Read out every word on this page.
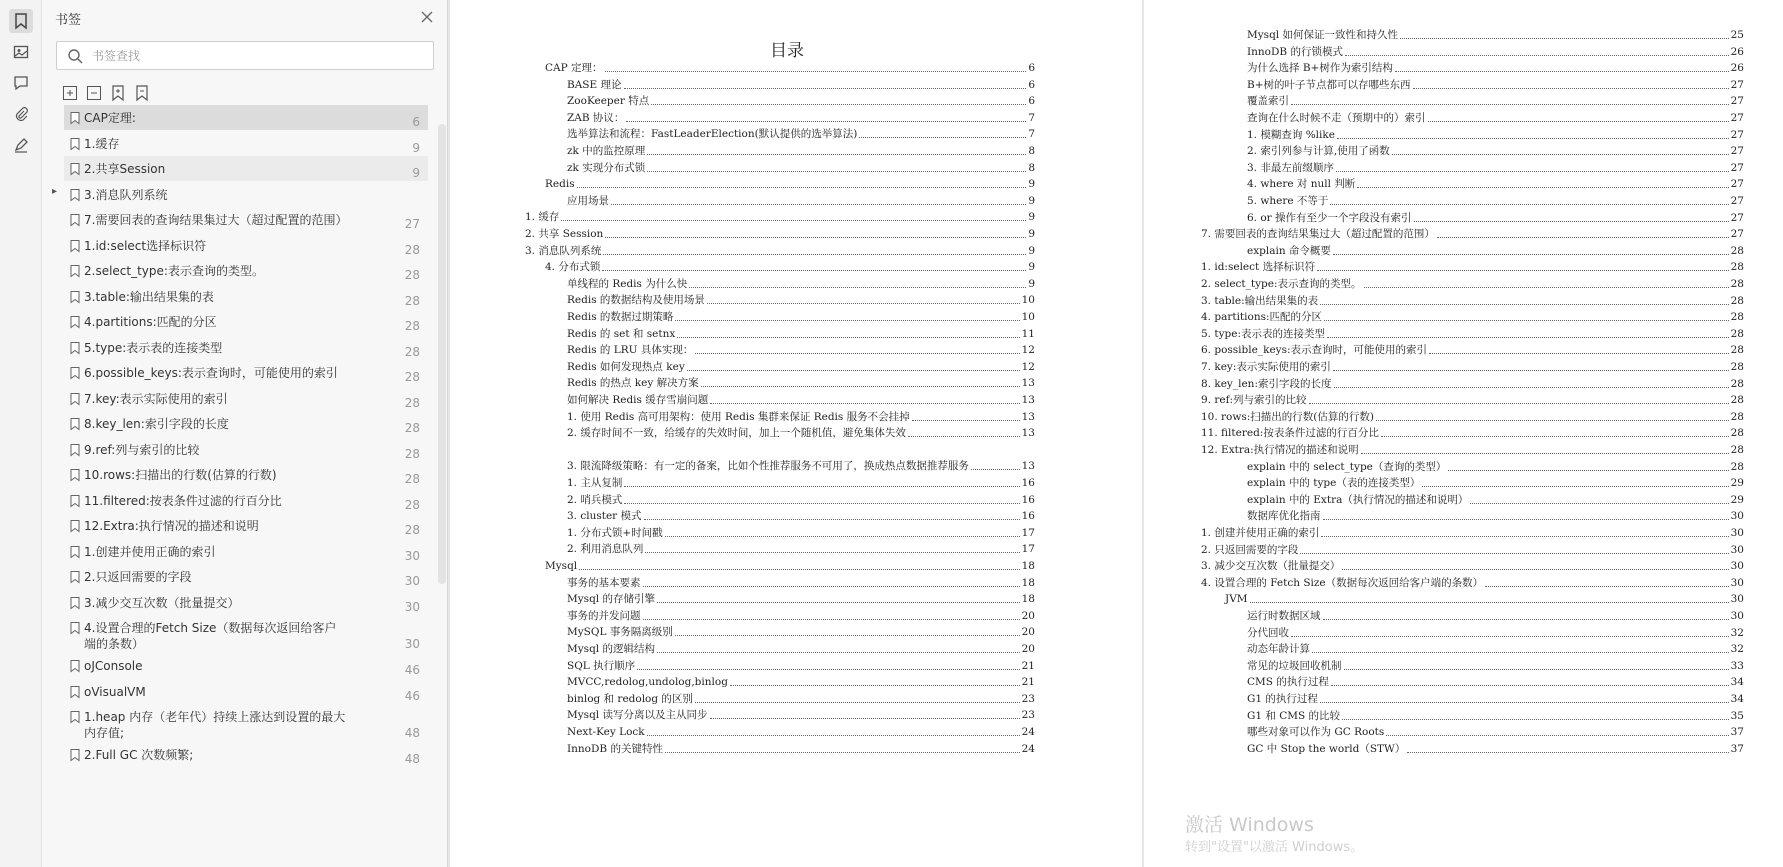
书签
书签查找
CAP定理:	6
1.缓存	9
2.共享Session	9
▸ 3.消息队列系统
7.需要回表的查询结果集过大（超过配置的范围）	27
1.id:select选择标识符	28
2.select_type:表示查询的类型。	28
3.table:输出结果集的表	28
4.partitions:匹配的分区	28
5.type:表示表的连接类型	28
6.possible_keys:表示查询时，可能使用的索引	28
7.key:表示实际使用的索引	28
8.key_len:索引字段的长度	28
9.ref:列与索引的比较	28
10.rows:扫描出的行数(估算的行数)	28
11.filtered:按表条件过滤的行百分比	28
12.Extra:执行情况的描述和说明	28
1.创建并使用正确的索引	30
2.只返回需要的字段	30
3.减少交互次数（批量提交）	30
4.设置合理的Fetch Size（数据每次返回给客户端的条数）	30
oJConsole	46
oVisualVM	46
1.heap 内存（老年代）持续上涨达到设置的最大内存值;	48
2.Full GC 次数频繁;	48
目录
CAP 定理：	6
BASE 理论	6
ZooKeeper 特点	6
ZAB 协议：	7
选举算法和流程：FastLeaderElection(默认提供的选举算法)	7
zk 中的监控原理	8
zk 实现分布式锁	8
Redis	9
应用场景	9
1. 缓存	9
2. 共享 Session	9
3. 消息队列系统	9
4. 分布式锁	9
单线程的 Redis 为什么快	9
Redis 的数据结构及使用场景	10
Redis 的数据过期策略	10
Redis 的 set 和 setnx	11
Redis 的 LRU 具体实现：	12
Redis 如何发现热点 key	12
Redis 的热点 key 解决方案	13
如何解决 Redis 缓存雪崩问题	13
1. 使用 Redis 高可用架构：使用 Redis 集群来保证 Redis 服务不会挂掉	13
2. 缓存时间不一致，给缓存的失效时间，加上一个随机值，避免集体失效	13
3. 限流降级策略：有一定的备案，比如个性推荐服务不可用了，换成热点数据推荐服务	13
1. 主从复制	16
2. 哨兵模式	16
3. cluster 模式	16
1. 分布式锁+时间戳	17
2. 利用消息队列	17
Mysql	18
事务的基本要素	18
Mysql 的存储引擎	18
事务的并发问题	20
MySQL 事务隔离级别	20
Mysql 的逻辑结构	20
SQL 执行顺序	21
MVCC,redolog,undolog,binlog	21
binlog 和 redolog 的区别	23
Mysql 读写分离以及主从同步	23
Next-Key Lock	24
InnoDB 的关键特性	24
Mysql 如何保证一致性和持久性	25
InnoDB 的行锁模式	26
为什么选择 B+树作为索引结构	26
B+树的叶子节点都可以存哪些东西	27
覆盖索引	27
查询在什么时候不走（预期中的）索引	27
1. 模糊查询 %like	27
2. 索引列参与计算,使用了函数	27
3. 非最左前缀顺序	27
4. where 对 null 判断	27
5. where 不等于	27
6. or 操作有至少一个字段没有索引	27
7. 需要回表的查询结果集过大（超过配置的范围）	27
explain 命令概要	28
1. id:select 选择标识符	28
2. select_type:表示查询的类型。	28
3. table:输出结果集的表	28
4. partitions:匹配的分区	28
5. type:表示表的连接类型	28
6. possible_keys:表示查询时，可能使用的索引	28
7. key:表示实际使用的索引	28
8. key_len:索引字段的长度	28
9. ref:列与索引的比较	28
10. rows:扫描出的行数(估算的行数)	28
11. filtered:按表条件过滤的行百分比	28
12. Extra:执行情况的描述和说明	28
explain 中的 select_type（查询的类型）	28
explain 中的 type（表的连接类型）	29
explain 中的 Extra（执行情况的描述和说明）	29
数据库优化指南	30
1. 创建并使用正确的索引	30
2. 只返回需要的字段	30
3. 减少交互次数（批量提交）	30
4. 设置合理的 Fetch Size（数据每次返回给客户端的条数）	30
JVM	30
运行时数据区域	30
分代回收	32
动态年龄计算	32
常见的垃圾回收机制	33
CMS 的执行过程	34
G1 的执行过程	34
G1 和 CMS 的比较	35
哪些对象可以作为 GC Roots	37
GC 中 Stop the world（STW）	37
激活 Windows
转到"设置"以激活 Windows。
